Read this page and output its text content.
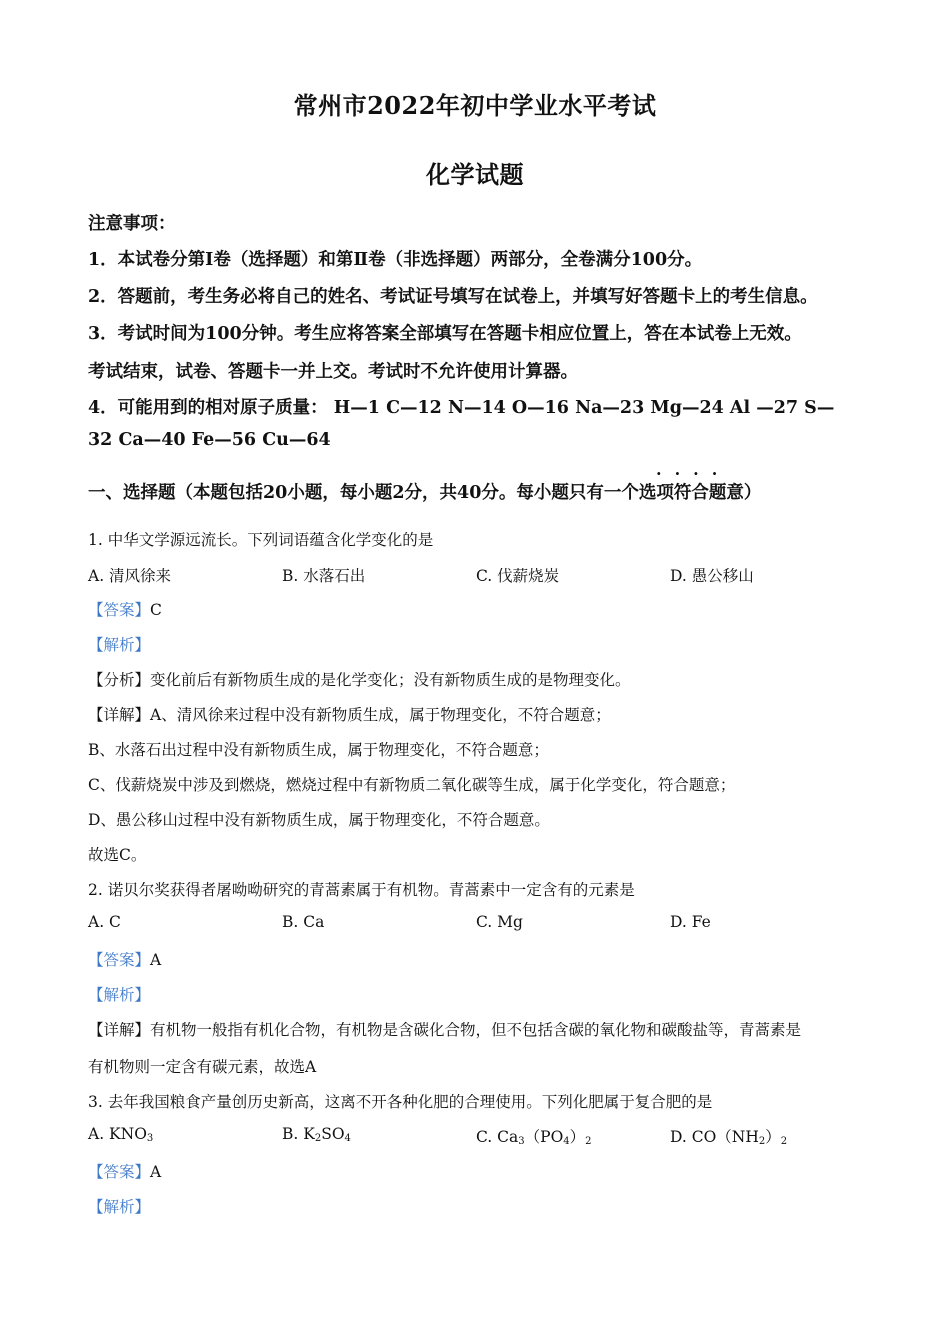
常州市2022年初中学业水平考试
化学试题
注意事项：
1．本试卷分第Ⅰ卷（选择题）和第Ⅱ卷（非选择题）两部分，全卷满分100分。
2．答题前，考生务必将自己的姓名、考试证号填写在试卷上，并填写好答题卡上的考生信息。
3．考试时间为100分钟。考生应将答案全部填写在答题卡相应位置上，答在本试卷上无效。
考试结束，试卷、答题卡一并上交。考试时不允许使用计算器。
4．可能用到的相对原子质量： H—1 C—12 N—14 O—16 Na—23 Mg—24 Al —27 S—
32 Ca—40 Fe—56 Cu—64
····
一、选择题（本题包括20小题，每小题2分，共40分。每小题只有一个选项符合题意）
1. 中华文学源远流长。下列词语蕴含化学变化的是
A. 清风徐来	B. 水落石出	C. 伐薪烧炭	D. 愚公移山
【答案】C
【解析】
【分析】变化前后有新物质生成的是化学变化；没有新物质生成的是物理变化。
【详解】A、清风徐来过程中没有新物质生成，属于物理变化，不符合题意；
B、水落石出过程中没有新物质生成，属于物理变化，不符合题意；
C、伐薪烧炭中涉及到燃烧，燃烧过程中有新物质二氧化碳等生成，属于化学变化，符合题意；
D、愚公移山过程中没有新物质生成，属于物理变化，不符合题意。
故选C。
2. 诺贝尔奖获得者屠呦呦研究的青蒿素属于有机物。青蒿素中一定含有的元素是
A. C	B. Ca	C. Mg	D. Fe
【答案】A
【解析】
【详解】有机物一般指有机化合物，有机物是含碳化合物，但不包括含碳的氧化物和碳酸盐等，青蒿素是
有机物则一定含有碳元素，故选A
3. 去年我国粮食产量创历史新高，这离不开各种化肥的合理使用。下列化肥属于复合肥的是
A. $KNO_3$	B. $K_2SO_4$	C. $Ca_3(PO_4)_2$	D. $CO(NH_2)_2$
【答案】A
【解析】
